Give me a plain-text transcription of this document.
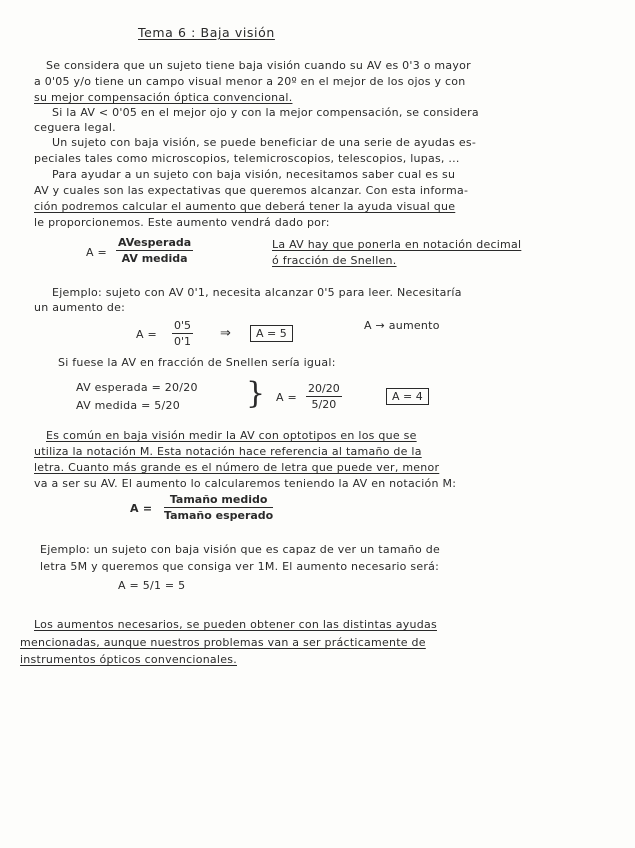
Tema 6 : Baja visión
Se considera que un sujeto tiene baja visión cuando su AV es 0'3 o mayor
a 0'05 y/o tiene un campo visual menor a 20º en el mejor de los ojos y con
su mejor compensación óptica convencional.
Si la AV < 0'05 en el mejor ojo y con la mejor compensación, se considera
ceguera legal.
Un sujeto con baja visión, se puede beneficiar de una serie de ayudas es-
peciales tales como microscopios, telemicroscopios, telescopios, lupas, ...
Para ayudar a un sujeto con baja visión, necesitamos saber cual es su
AV y cuales son las expectativas que queremos alcanzar. Con esta informa-
ción podremos calcular el aumento que deberá tener la ayuda visual que
le proporcionemos. Este aumento vendrá dado por:
A =
AVesperada
AV medida
La AV hay que ponerla en notación decimal
ó fracción de Snellen.
Ejemplo: sujeto con AV 0'1, necesita alcanzar 0'5 para leer. Necesitaría
un aumento de:
$A = \frac{0'5}{0'1}$ ⇒	A = 5
A → aumento
Si fuese la AV en fracción de Snellen sería igual:
AV esperada = 20/20
AV medida = 5/20 } $A = \frac{20/20}{5/20}$	A = 4
Es común en baja visión medir la AV con optotipos en los que se
utiliza la notación M. Esta notación hace referencia al tamaño de la
letra. Cuanto más grande es el número de letra que puede ver, menor
va a ser su AV. El aumento lo calcularemos teniendo la AV en notación M:
A =
Tamaño medido
Tamaño esperado
Ejemplo: un sujeto con baja visión que es capaz de ver un tamaño de
letra 5M y queremos que consiga ver 1M. El aumento necesario será:
A = 5/1 = 5
Los aumentos necesarios, se pueden obtener con las distintas ayudas
mencionadas, aunque nuestros problemas van a ser prácticamente de
instrumentos ópticos convencionales.
